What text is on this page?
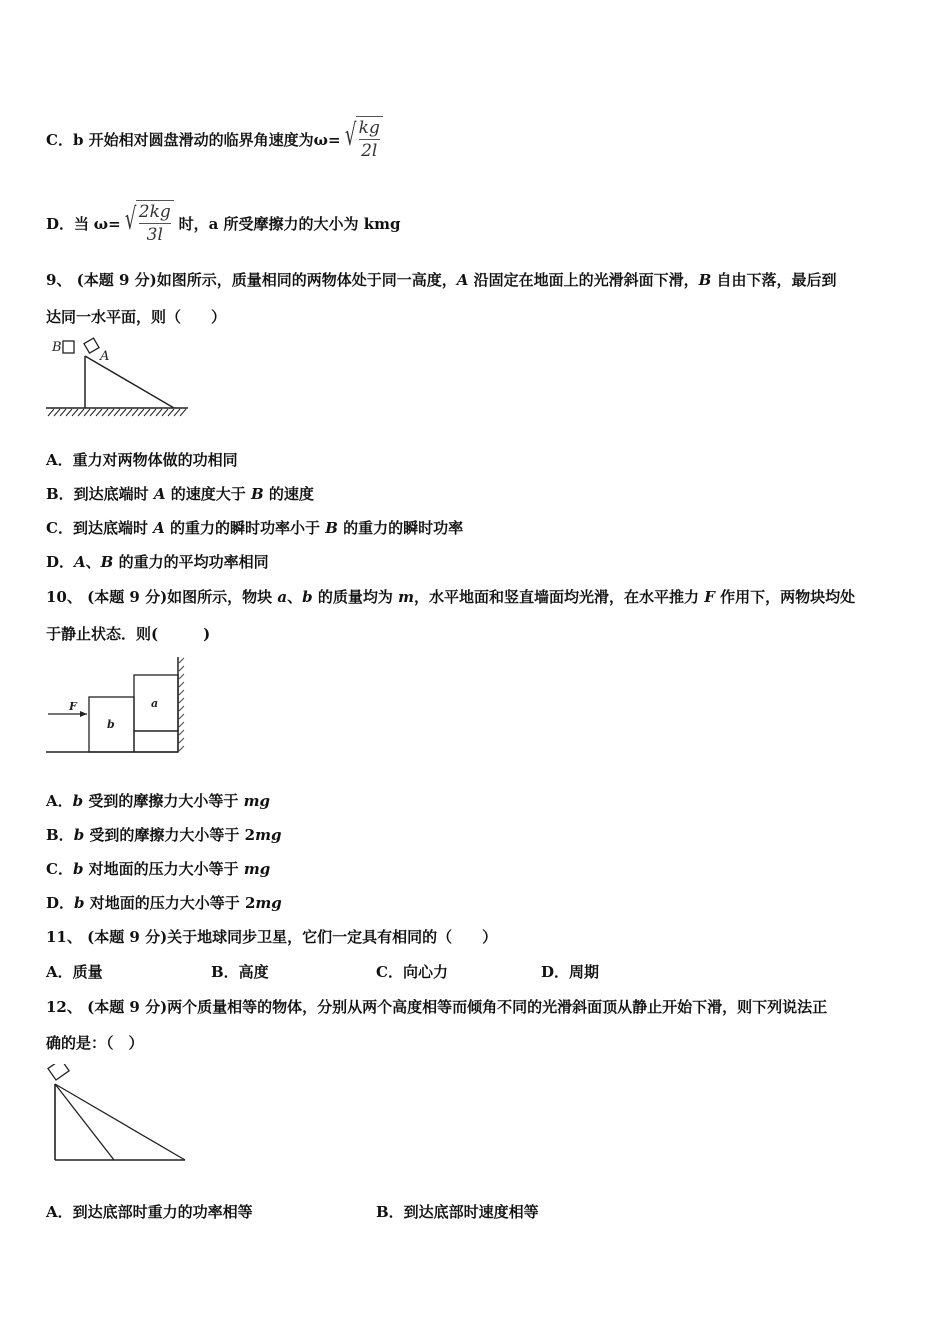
C．b 开始相对圆盘滑动的临界角速度为ω= √ $\frac{kg}{2l}$
D．当 ω= √ $\frac{2kg}{3l}$ 时，a 所受摩擦力的大小为 kmg
9、 (本题 9 分)如图所示，质量相同的两物体处于同一高度，A 沿固定在地面上的光滑斜面下滑，B 自由下落，最后到
达同一水平面，则（　　）
B
A
A．重力对两物体做的功相同
B．到达底端时 A 的速度大于 B 的速度
C．到达底端时 A 的重力的瞬时功率小于 B 的重力的瞬时功率
D．A、B 的重力的平均功率相同
10、 (本题 9 分)如图所示，物块 a、b 的质量均为 m，水平地面和竖直墙面均光滑，在水平推力 F 作用下，两物块均处
于静止状态．则(　　　)
F
b
a
A．b 受到的摩擦力大小等于 mg
B．b 受到的摩擦力大小等于 2mg
C．b 对地面的压力大小等于 mg
D．b 对地面的压力大小等于 2mg
11、 (本题 9 分)关于地球同步卫星，它们一定具有相同的（　　）
A．质量	B．高度	C．向心力	D．周期
12、 (本题 9 分)两个质量相等的物体，分别从两个高度相等而倾角不同的光滑斜面顶从静止开始下滑，则下列说法正
确的是：（　）
A．到达底部时重力的功率相等	B．到达底部时速度相等
